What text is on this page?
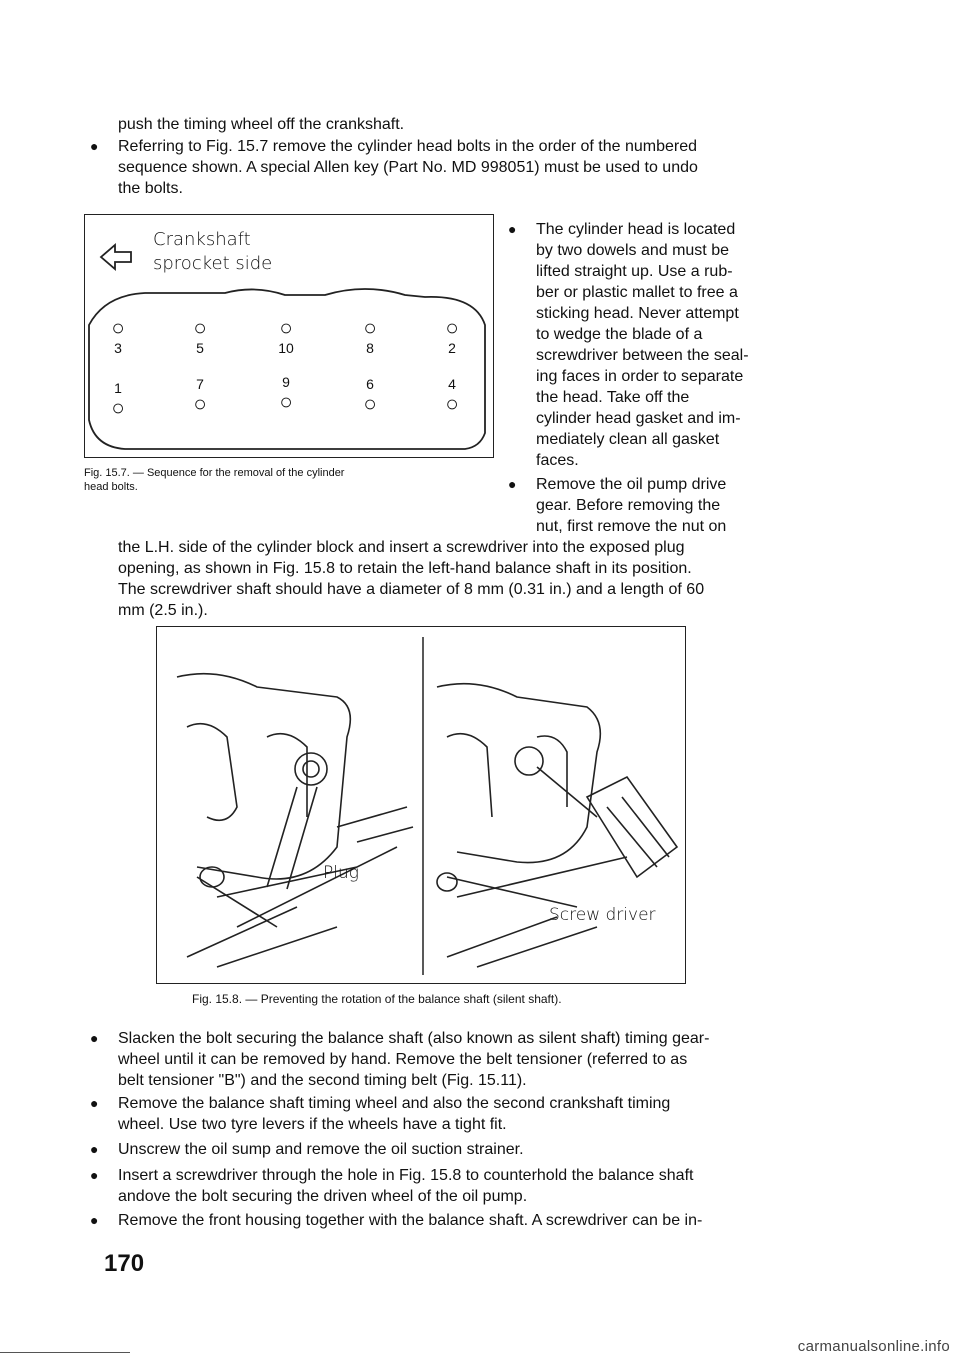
push the timing wheel off the crankshaft.
● Referring to Fig. 15.7 remove the cylinder head bolts in the order of the numbered
sequence shown. A special Allen key (Part No. MD 998051) must be used to undo
the bolts.
Crankshaft
sprocket side
○
3
○
5
○
10
○
8
○
2
1
○
7
○
9
○
6
○
4
○
Fig. 15.7. — Sequence for the removal of the cylinder
head bolts.
● The cylinder head is located
by two dowels and must be
lifted straight up. Use a rub-
ber or plastic mallet to free a
sticking head. Never attempt
to wedge the blade of a
screwdriver between the seal-
ing faces in order to separate
the head. Take off the
cylinder head gasket and im-
mediately clean all gasket
faces.
● Remove the oil pump drive
gear. Before removing the
nut, first remove the nut on
the L.H. side of the cylinder block and insert a screwdriver into the exposed plug
opening, as shown in Fig. 15.8 to retain the left-hand balance shaft in its position.
The screwdriver shaft should have a diameter of 8 mm (0.31 in.) and a length of 60
mm (2.5 in.).
Plug
Screw driver
Fig. 15.8. — Preventing the rotation of the balance shaft (silent shaft).
● Slacken the bolt securing the balance shaft (also known as silent shaft) timing gear-
wheel until it can be removed by hand. Remove the belt tensioner (referred to as
belt tensioner "B") and the second timing belt (Fig. 15.11).
● Remove the balance shaft timing wheel and also the second crankshaft timing
wheel. Use two tyre levers if the wheels have a tight fit.
● Unscrew the oil sump and remove the oil suction strainer.
● Insert a screwdriver through the hole in Fig. 15.8 to counterhold the balance shaft
andove the bolt securing the driven wheel of the oil pump.
● Remove the front housing together with the balance shaft. A screwdriver can be in-
170
carmanualsonline.info
